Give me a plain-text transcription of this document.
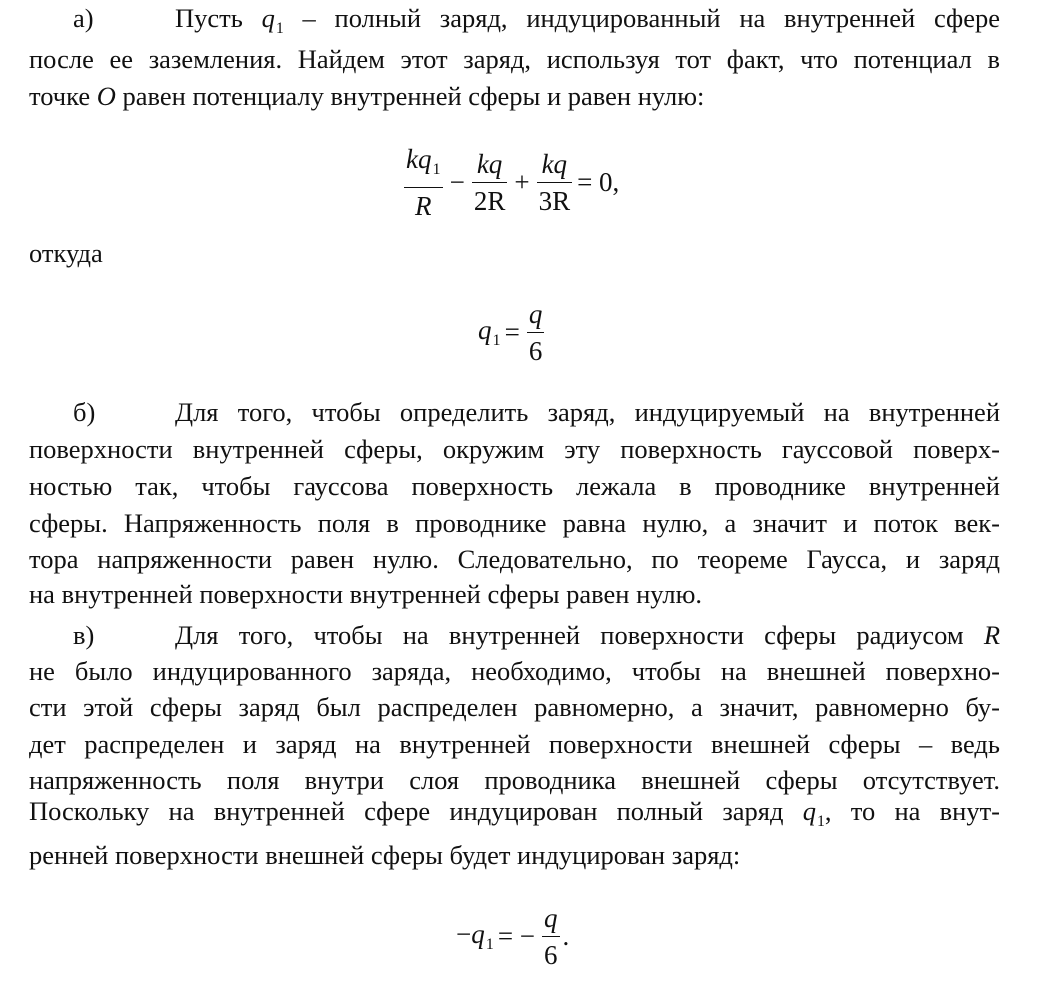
а)	Пусть $q_1$ – полный заряд, индуцированный на внутренней сфере
после ее заземления. Найдем этот заряд, используя тот факт, что потенциал в
точке O равен потенциалу внутренней сферы и равен нулю:
$\frac{kq_1}{R} - \frac{kq}{2R} + \frac{kq}{3R} = 0$,
откуда
$q_1 = \frac{q}{6}$
б)	Для того, чтобы определить заряд, индуцируемый на внутренней
поверхности внутренней сферы, окружим эту поверхность гауссовой поверх-
ностью так, чтобы гауссова поверхность лежала в проводнике внутренней
сферы. Напряженность поля в проводнике равна нулю, а значит и поток век-
тора напряженности равен нулю. Следовательно, по теореме Гаусса, и заряд
на внутренней поверхности внутренней сферы равен нулю.
в)	Для того, чтобы на внутренней поверхности сферы радиусом R
не было индуцированного заряда, необходимо, чтобы на внешней поверхно-
сти этой сферы заряд был распределен равномерно, а значит, равномерно бу-
дет распределен и заряд на внутренней поверхности внешней сферы – ведь
напряженность поля внутри слоя проводника внешней сферы отсутствует.
Поскольку на внутренней сфере индуцирован полный заряд $q_1$, то на внут-
ренней поверхности внешней сферы будет индуцирован заряд:
$-q_1$ = − $\frac{q}{6}$ .
